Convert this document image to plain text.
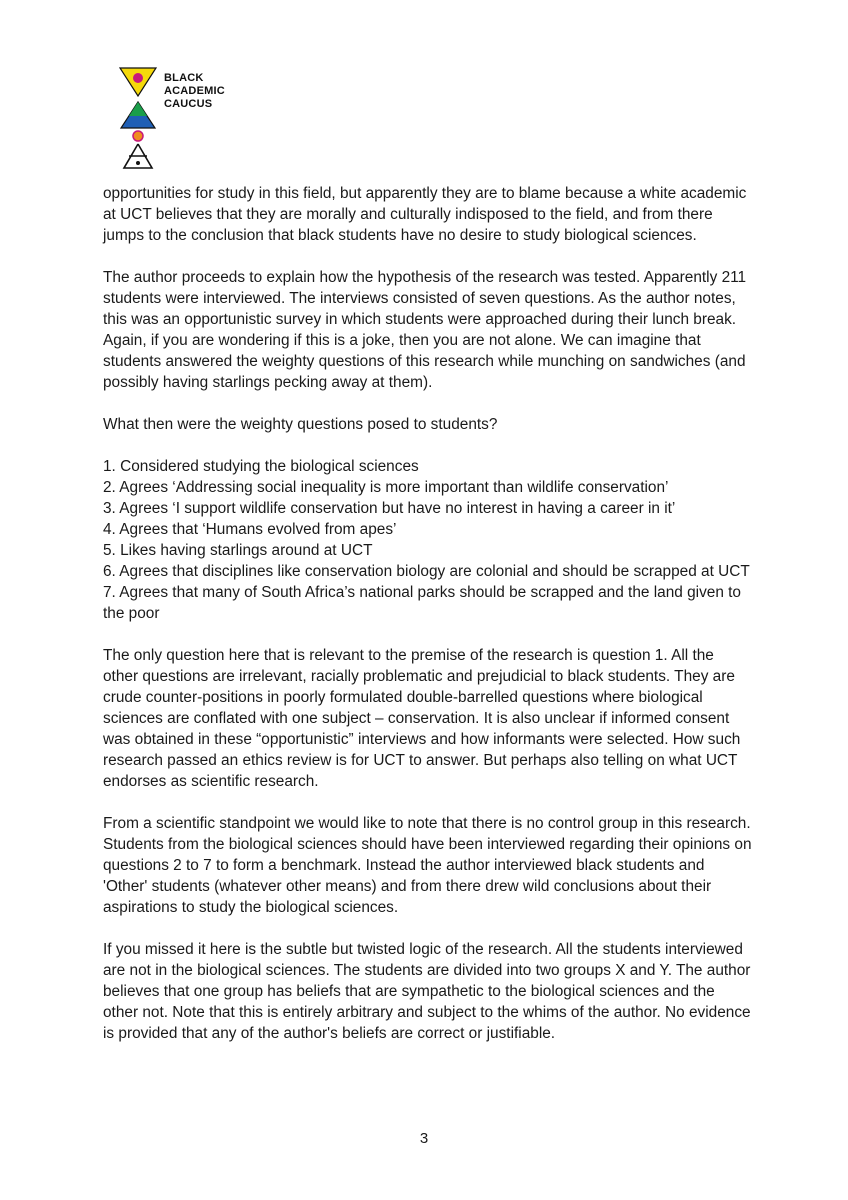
BLACK
ACADEMIC
CAUCUS

opportunities for study in this field, but apparently they are to blame because a white academic at UCT believes that they are morally and culturally indisposed to the field, and from there jumps to the conclusion that black students have no desire to study biological sciences.

The author proceeds to explain how the hypothesis of the research was tested. Apparently 211 students were interviewed. The interviews consisted of seven questions. As the author notes, this was an opportunistic survey in which students were approached during their lunch break. Again, if you are wondering if this is a joke, then you are not alone. We can imagine that students answered the weighty questions of this research while munching on sandwiches (and possibly having starlings pecking away at them).

What then were the weighty questions posed to students?

1. Considered studying the biological sciences

2. Agrees ‘Addressing social inequality is more important than wildlife conservation’

3. Agrees ‘I support wildlife conservation but have no interest in having a career in it’

4. Agrees that ‘Humans evolved from apes’

5. Likes having starlings around at UCT

6. Agrees that disciplines like conservation biology are colonial and should be scrapped at UCT

7. Agrees that many of South Africa’s national parks should be scrapped and the land given to the poor

The only question here that is relevant to the premise of the research is question 1. All the other questions are irrelevant, racially problematic and prejudicial to black students. They are crude counter-positions in poorly formulated double-barrelled questions where biological sciences are conflated with one subject – conservation. It is also unclear if informed consent was obtained in these “opportunistic” interviews and how informants were selected. How such research passed an ethics review is for UCT to answer. But perhaps also telling on what UCT endorses as scientific research.

From a scientific standpoint we would like to note that there is no control group in this research. Students from the biological sciences should have been interviewed regarding their opinions on questions 2 to 7 to form a benchmark. Instead the author interviewed black students and 'Other' students (whatever other means) and from there drew wild conclusions about their aspirations to study the biological sciences.

If you missed it here is the subtle but twisted logic of the research. All the students interviewed are not in the biological sciences. The students are divided into two groups X and Y. The author believes that one group has beliefs that are sympathetic to the biological sciences and the other not. Note that this is entirely arbitrary and subject to the whims of the author. No evidence is provided that any of the author's beliefs are correct or justifiable.

3
